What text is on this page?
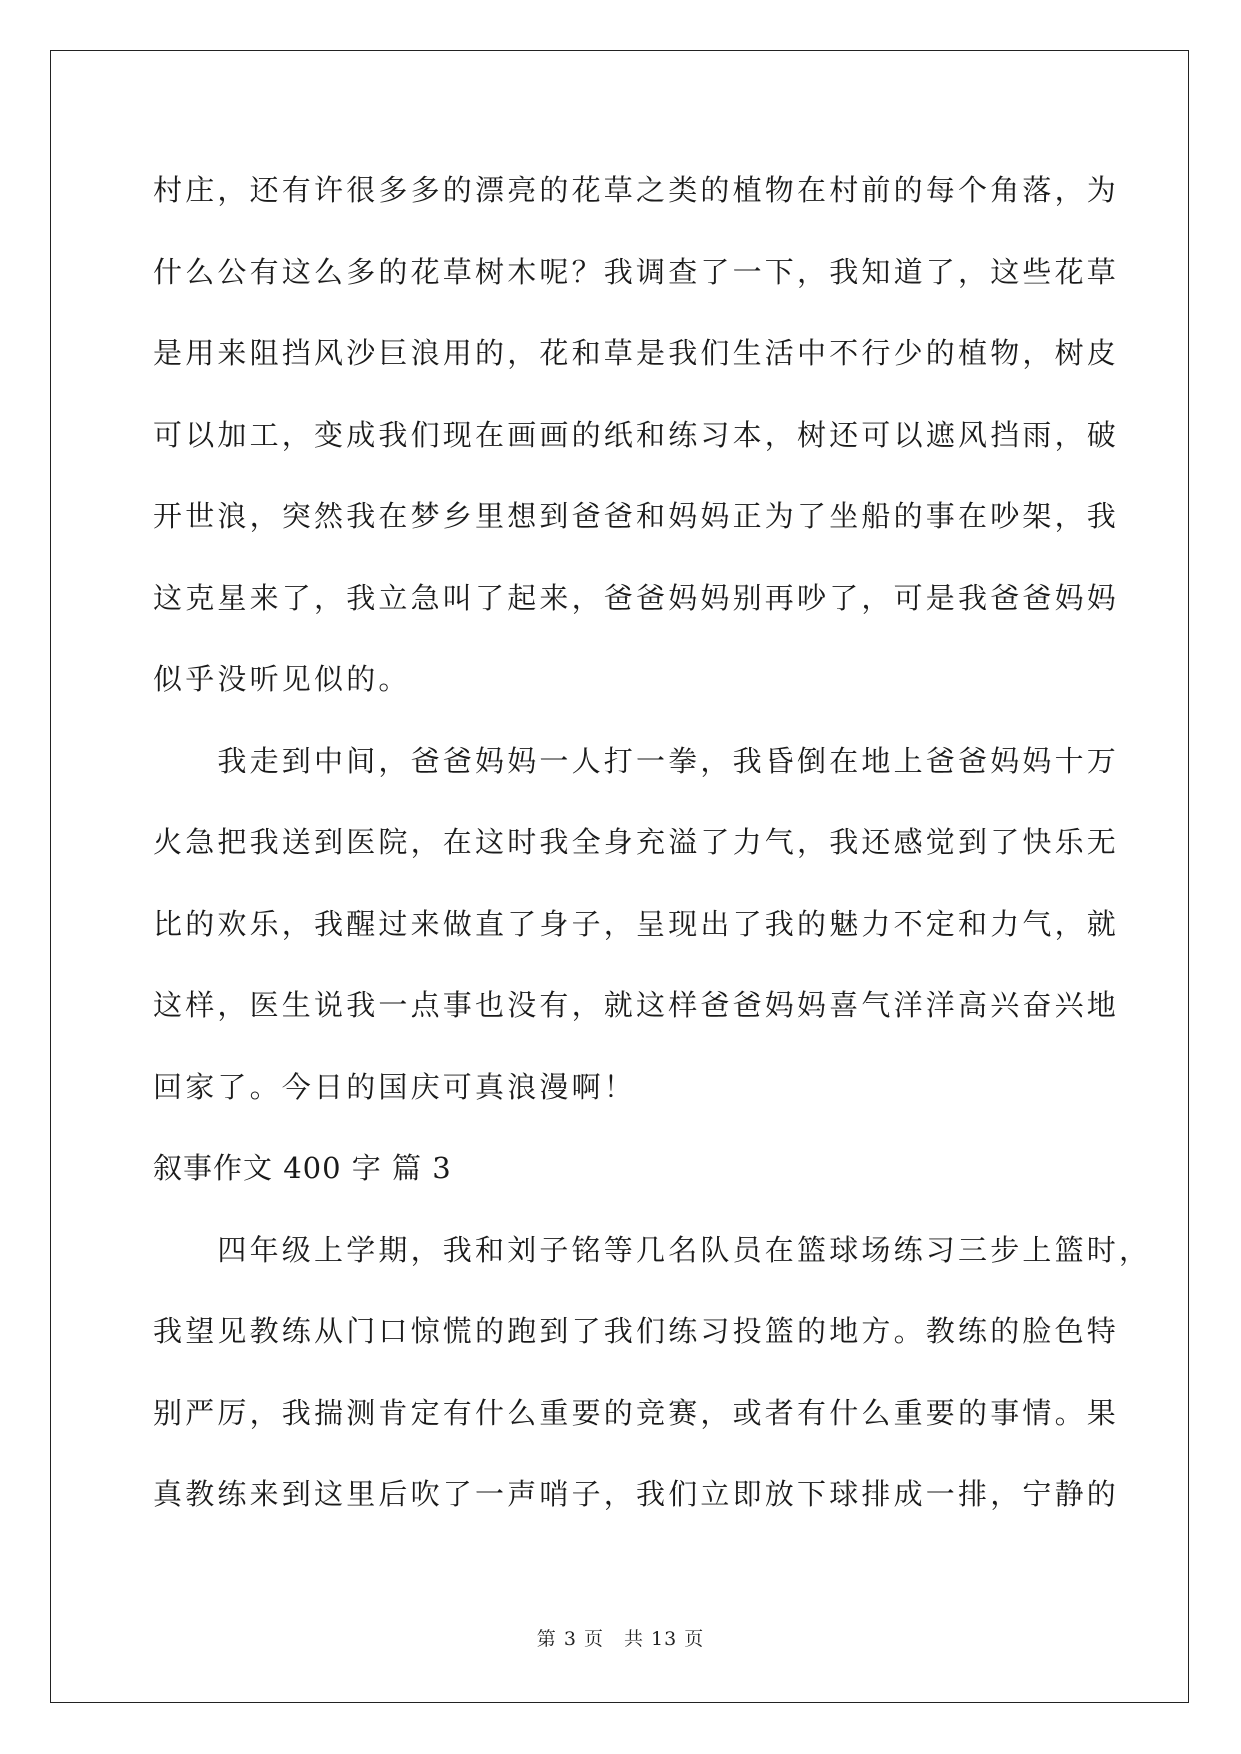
村庄，还有许很多多的漂亮的花草之类的植物在村前的每个角落，为
什么公有这么多的花草树木呢？我调查了一下，我知道了，这些花草
是用来阻挡风沙巨浪用的，花和草是我们生活中不行少的植物，树皮
可以加工，变成我们现在画画的纸和练习本，树还可以遮风挡雨，破
开世浪，突然我在梦乡里想到爸爸和妈妈正为了坐船的事在吵架，我
这克星来了，我立急叫了起来，爸爸妈妈别再吵了，可是我爸爸妈妈
似乎没听见似的。
　　我走到中间，爸爸妈妈一人打一拳，我昏倒在地上爸爸妈妈十万
火急把我送到医院，在这时我全身充溢了力气，我还感觉到了快乐无
比的欢乐，我醒过来做直了身子，呈现出了我的魅力不定和力气，就
这样，医生说我一点事也没有，就这样爸爸妈妈喜气洋洋高兴奋兴地
回家了。今日的国庆可真浪漫啊！
叙事作文 400 字 篇 3
　　四年级上学期，我和刘子铭等几名队员在篮球场练习三步上篮时，
我望见教练从门口惊慌的跑到了我们练习投篮的地方。教练的脸色特
别严厉，我揣测肯定有什么重要的竞赛，或者有什么重要的事情。果
真教练来到这里后吹了一声哨子，我们立即放下球排成一排，宁静的
第 3 页　共 13 页
